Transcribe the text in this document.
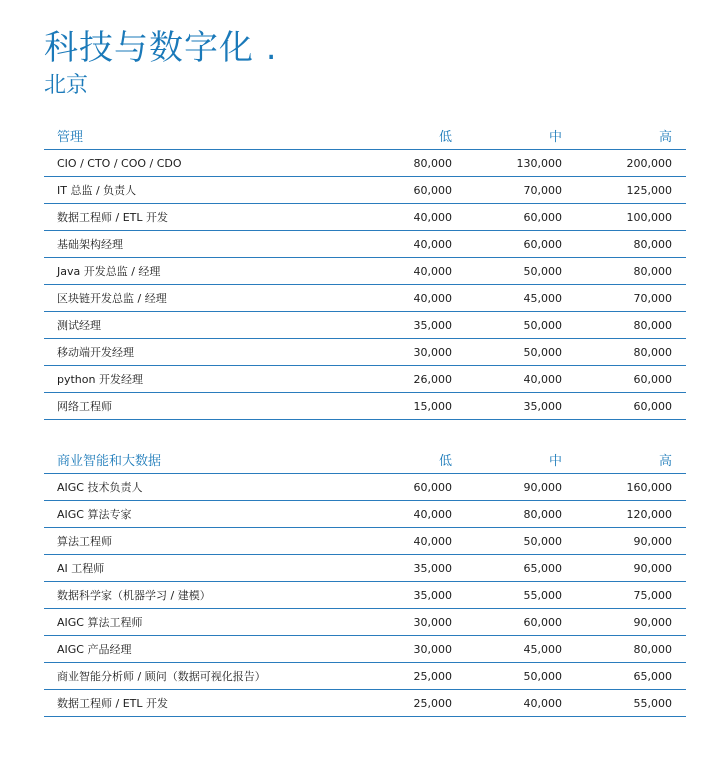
科技与数字化 .
北京
管理	低	中	高
CIO / CTO / COO / CDO	80,000	130,000	200,000
IT 总监 / 负责人	60,000	70,000	125,000
数据工程师 / ETL 开发	40,000	60,000	100,000
基础架构经理	40,000	60,000	80,000
Java 开发总监 / 经理	40,000	50,000	80,000
区块链开发总监 / 经理	40,000	45,000	70,000
测试经理	35,000	50,000	80,000
移动端开发经理	30,000	50,000	80,000
python 开发经理	26,000	40,000	60,000
网络工程师	15,000	35,000	60,000
商业智能和大数据	低	中	高
AIGC 技术负责人	60,000	90,000	160,000
AIGC 算法专家	40,000	80,000	120,000
算法工程师	40,000	50,000	90,000
AI 工程师	35,000	65,000	90,000
数据科学家（机器学习 / 建模）	35,000	55,000	75,000
AIGC 算法工程师	30,000	60,000	90,000
AIGC 产品经理	30,000	45,000	80,000
商业智能分析师 / 顾问（数据可视化报告）	25,000	50,000	65,000
数据工程师 / ETL 开发	25,000	40,000	55,000
